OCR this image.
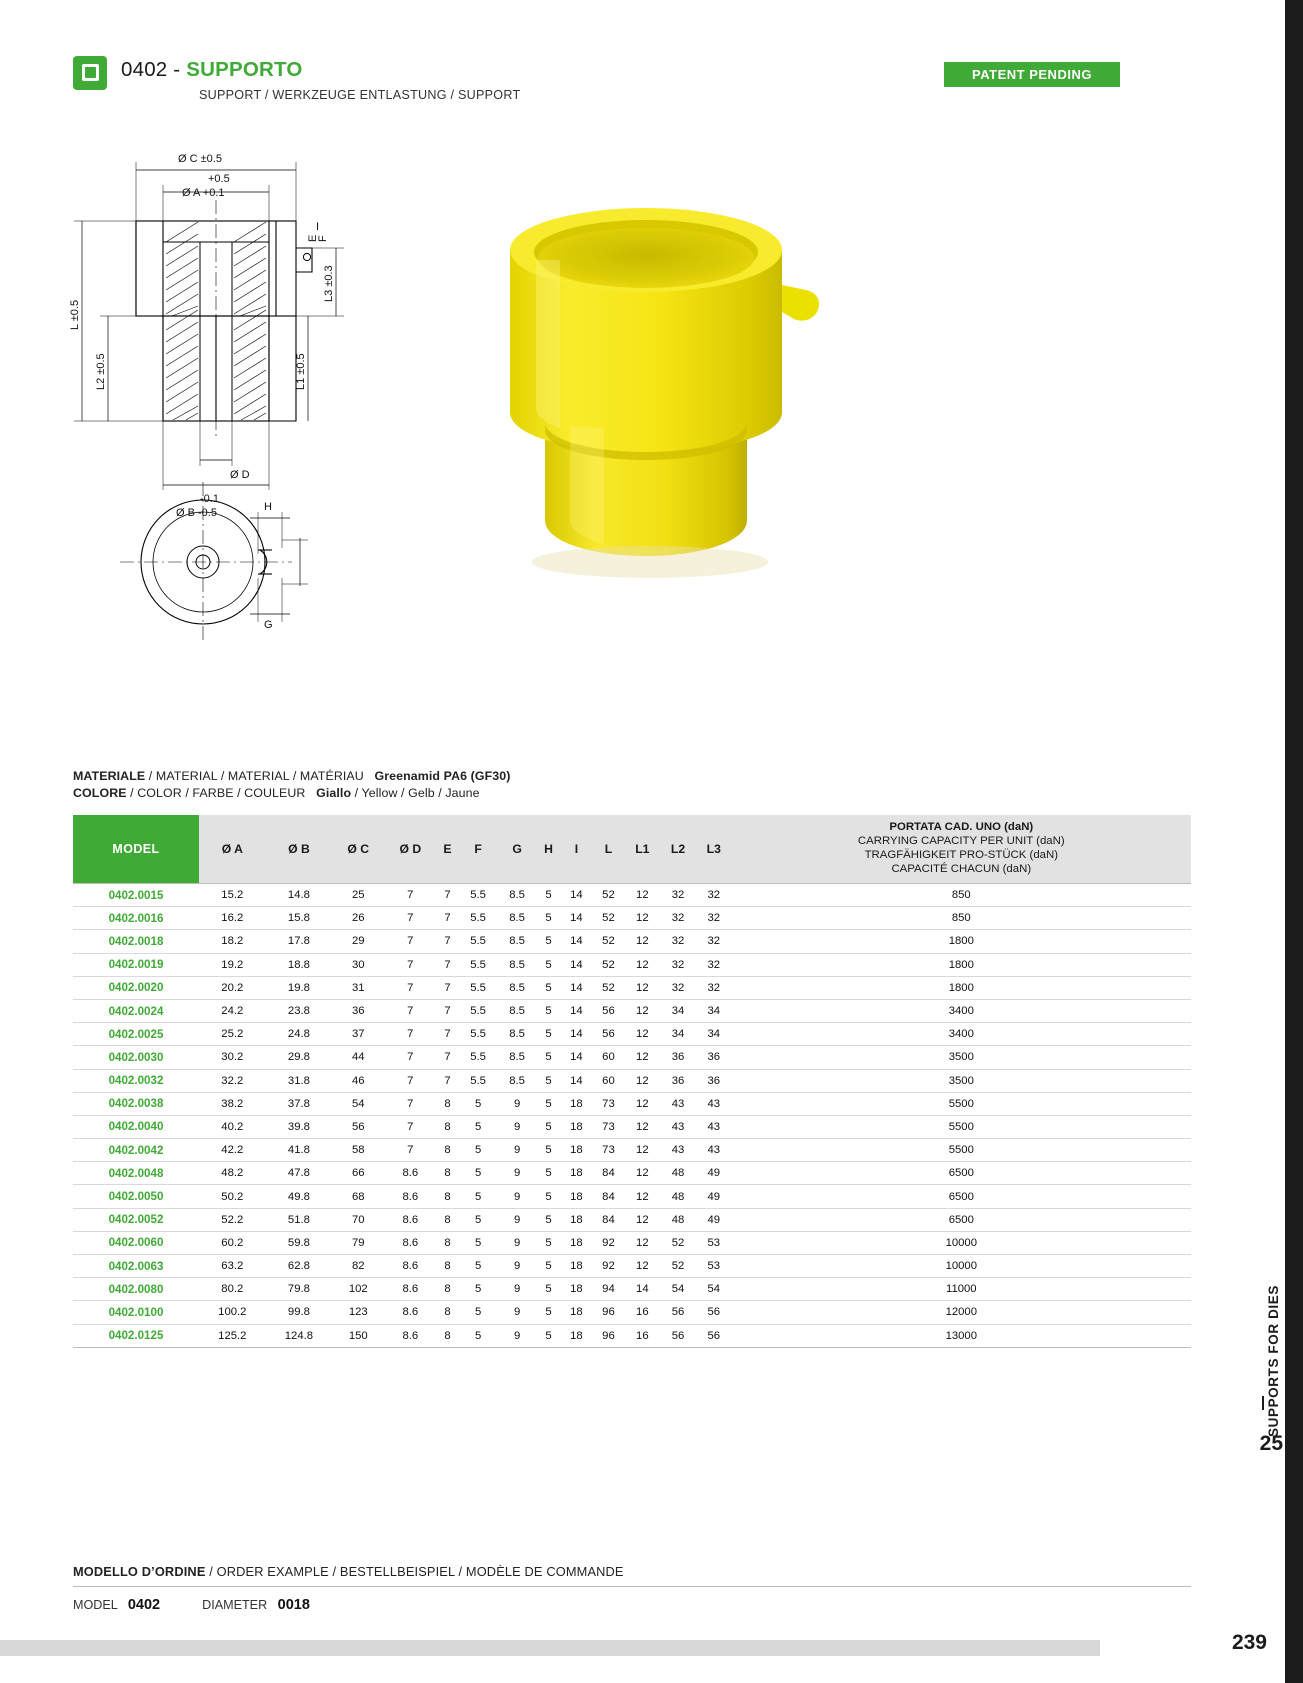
SUPPORTS FOR DIES
25
0402 - SUPPORTO
SUPPORT / WERKZEUGE ENTLASTUNG / SUPPORT
PATENT PENDING
Ø C ±0.5
+0.5
Ø A +0.1
L ±0.5
L2 ±0.5	L1 ±0.5
L3 ±0.3
E
F
I
Ø D
-0.1
Ø B -0.5	H
G
MATERIALE / MATERIAL / MATERIAL / MATÉRIAU Greenamid PA6 (GF30)
COLORE / COLOR / FARBE / COULEUR Giallo / Yellow / Gelb / Jaune
MODEL	Ø A	Ø B	Ø C	Ø D	E	F	G	H	I	L	L1	L2	L3	PORTATA CAD. UNO (daN)
CARRYING CAPACITY PER UNIT (daN)
TRAGFÄHIGKEIT PRO-STÜCK (daN)
CAPACITÉ CHACUN (daN)

0402.0015	15.2	14.8	25	7	7	5.5	8.5	5	14	52	12	32	32	850
0402.0016	16.2	15.8	26	7	7	5.5	8.5	5	14	52	12	32	32	850
0402.0018	18.2	17.8	29	7	7	5.5	8.5	5	14	52	12	32	32	1800
0402.0019	19.2	18.8	30	7	7	5.5	8.5	5	14	52	12	32	32	1800
0402.0020	20.2	19.8	31	7	7	5.5	8.5	5	14	52	12	32	32	1800
0402.0024	24.2	23.8	36	7	7	5.5	8.5	5	14	56	12	34	34	3400
0402.0025	25.2	24.8	37	7	7	5.5	8.5	5	14	56	12	34	34	3400
0402.0030	30.2	29.8	44	7	7	5.5	8.5	5	14	60	12	36	36	3500
0402.0032	32.2	31.8	46	7	7	5.5	8.5	5	14	60	12	36	36	3500
0402.0038	38.2	37.8	54	7	8	5	9	5	18	73	12	43	43	5500
0402.0040	40.2	39.8	56	7	8	5	9	5	18	73	12	43	43	5500
0402.0042	42.2	41.8	58	7	8	5	9	5	18	73	12	43	43	5500
0402.0048	48.2	47.8	66	8.6	8	5	9	5	18	84	12	48	49	6500
0402.0050	50.2	49.8	68	8.6	8	5	9	5	18	84	12	48	49	6500
0402.0052	52.2	51.8	70	8.6	8	5	9	5	18	84	12	48	49	6500
0402.0060	60.2	59.8	79	8.6	8	5	9	5	18	92	12	52	53	10000
0402.0063	63.2	62.8	82	8.6	8	5	9	5	18	92	12	52	53	10000
0402.0080	80.2	79.8	102	8.6	8	5	9	5	18	94	14	54	54	11000
0402.0100	100.2	99.8	123	8.6	8	5	9	5	18	96	16	56	56	12000
0402.0125	125.2	124.8	150	8.6	8	5	9	5	18	96	16	56	56	13000
MODELLO D’ORDINE / ORDER EXAMPLE / BESTELLBEISPIEL / MODÈLE DE COMMANDE
MODEL 0402	DIAMETER 0018
239
